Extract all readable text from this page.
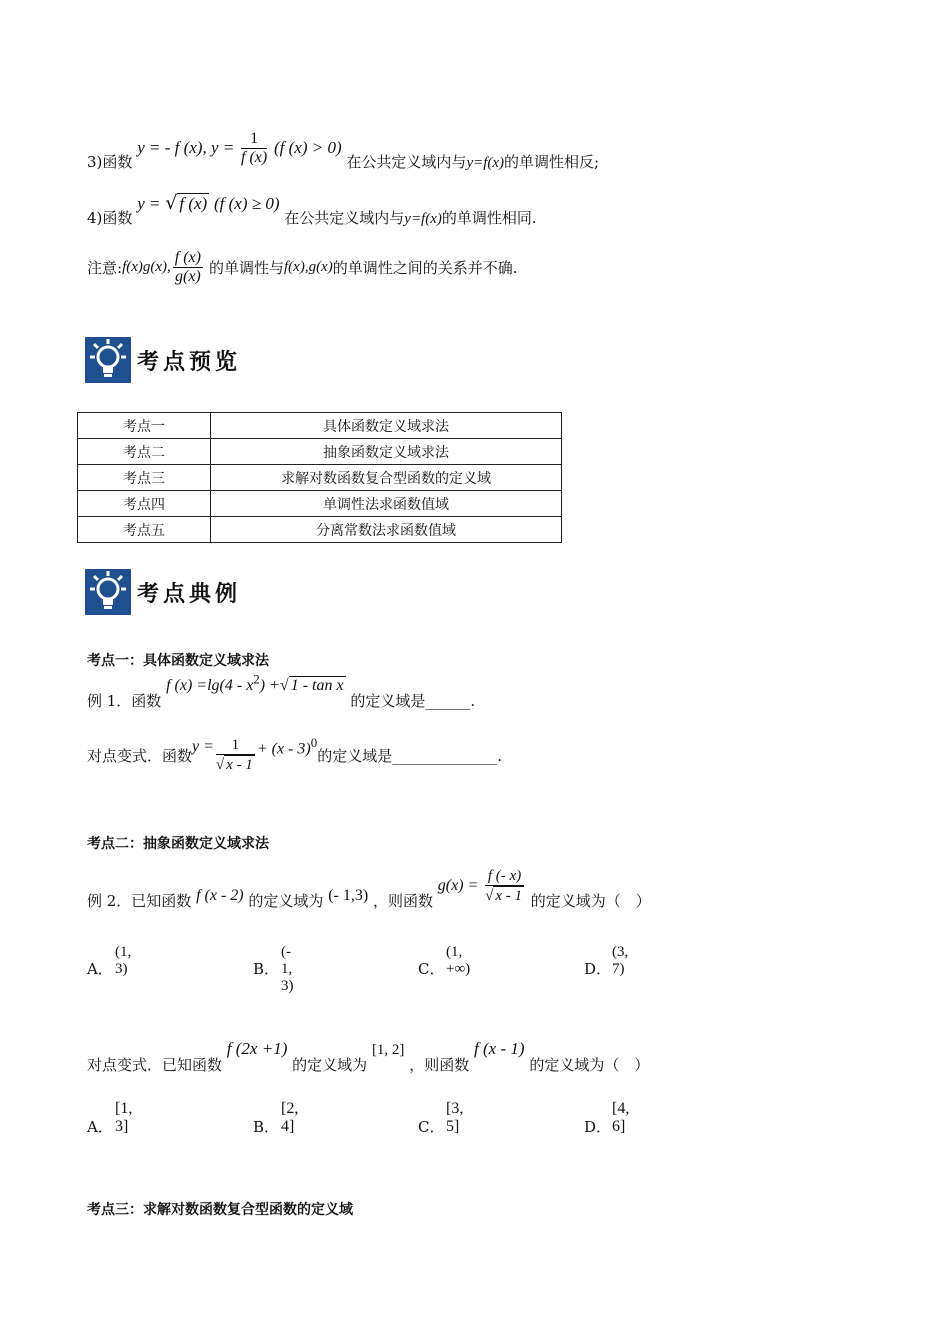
3)函数 y = - f (x), $y = \frac{1}{f (x)} (f$ (x) > 0) 在公共定义域内与y=f(x)的单调性相反;
4)函数 y = √ f (x) (f (x) ≥ 0) 在公共定义域内与y=f(x)的单调性相同.
注意: f(x)g(x), $\frac{f (x)}{g(x)}$ 的单调性与 f(x),g(x) 的单调性之间的关系并不确.
考点预览
考点一	具体函数定义域求法
考点二	抽象函数定义域求法
考点三	求解对数函数复合型函数的定义域
考点四	单调性法求函数值域
考点五	分离常数法求函数值域
考点典例
考点一：具体函数定义域求法
例 1．函数 f $(x) =\lg(4 - x^2)$ +√ 1 - tan x 的定义域是______.
对点变式．函数 $y = \frac{1}{√ x - 1} + (x - 3)^0$
的定义域是______________.
考点二：抽象函数定义域求法
例 2．已知函数 f (x - 2) 的定义域为 (- 1,3) ，则函数 $g(x) = \frac{f (- x)}{√ x - 1}$ 的定义域为（　）
A．
(1, 3)	B．
(- 1, 3)
C．
(1, +∞)	D．
(3, 7)
对点变式．已知函数 f (2x +1) 的定义域为 [1, 2] ，则函数 f (x - 1) 的定义域为（　）
A．
[1, 3]	B．
[2, 4]	C．
[3, 5]	D．
[4, 6]
考点三：求解对数函数复合型函数的定义域
